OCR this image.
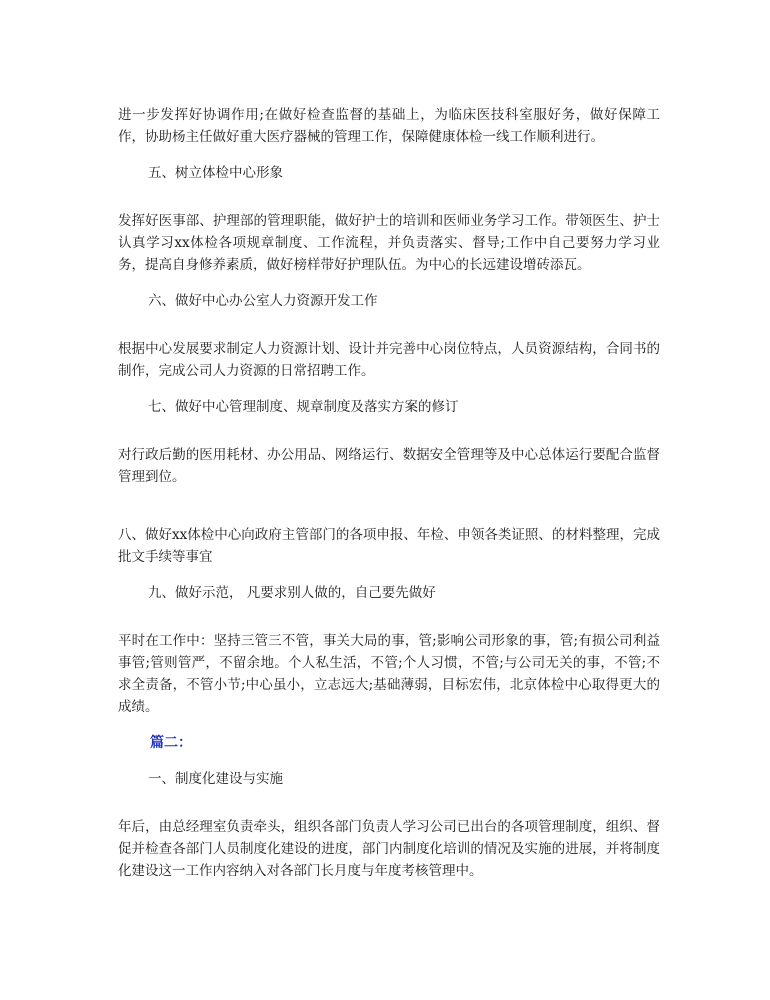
进一步发挥好协调作用;在做好检查监督的基础上，为临床医技科室服好务，做好保障工作，协助杨主任做好重大医疗器械的管理工作，保障健康体检一线工作顺利进行。

五、树立体检中心形象

发挥好医事部、护理部的管理职能，做好护士的培训和医师业务学习工作。带领医生、护士认真学习xx体检各项规章制度、工作流程，并负责落实、督导;工作中自己要努力学习业务，提高自身修养素质，做好榜样带好护理队伍。为中心的长远建设增砖添瓦。

六、做好中心办公室人力资源开发工作

根据中心发展要求制定人力资源计划、设计并完善中心岗位特点，人员资源结构，合同书的制作，完成公司人力资源的日常招聘工作。

七、做好中心管理制度、规章制度及落实方案的修订

对行政后勤的医用耗材、办公用品、网络运行、数据安全管理等及中心总体运行要配合监督管理到位。

八、做好xx体检中心向政府主管部门的各项申报、年检、申领各类证照、的材料整理，完成批文手续等事宜

九、做好示范， 凡要求别人做的，自己要先做好

平时在工作中：坚持三管三不管，事关大局的事，管;影响公司形象的事，管;有损公司利益事管;管则管严，不留余地。个人私生活，不管;个人习惯，不管;与公司无关的事，不管;不求全责备，不管小节;中心虽小，立志远大;基础薄弱，目标宏伟，北京体检中心取得更大的成绩。

篇二：

一、制度化建设与实施

年后，由总经理室负责牵头，组织各部门负责人学习公司已出台的各项管理制度，组织、督促并检查各部门人员制度化建设的进度，部门内制度化培训的情况及实施的进展，并将制度化建设这一工作内容纳入对各部门长月度与年度考核管理中。
